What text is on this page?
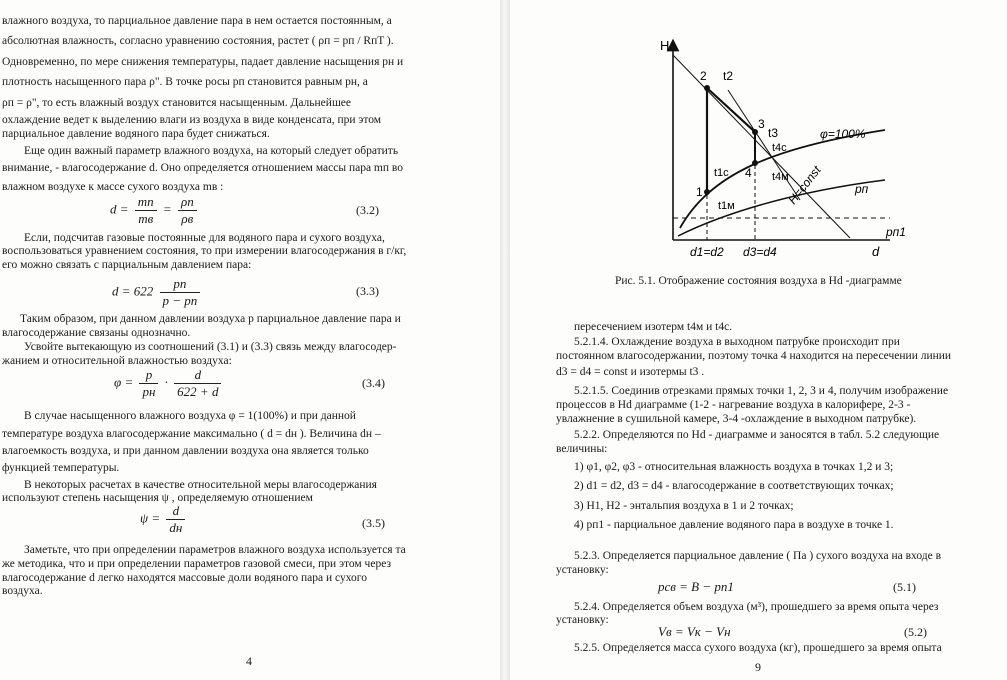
влажного воздуха, то парциальное давление пара в нем остается постоянным, а
абсолютная влажность, согласно уравнению состояния, растет ( ρп = pп / RпT ).
Одновременно, по мере снижения температуры, падает давление насыщения pн и
плотность насыщенного пара ρ". В точке росы pп становится равным pн, а
ρп = ρ", то есть влажный воздух становится насыщенным. Дальнейшее
охлаждение ведет к выделению влаги из воздуха в виде конденсата, при этом
парциальное давление водяного пара будет снижаться.
Еще один важный параметр влажного воздуха, на который следует обратить
внимание, - влагосодержание d. Оно определяется отношением массы пара mп во
влажном воздухе к массе сухого воздуха mв :
$d = \frac{mп}{mв} = \frac{\rho п}{\rho в}$	(3.2)
Если, подсчитав газовые постоянные для водяного пара и сухого воздуха,
воспользоваться уравнением состояния, то при измерении влагосодержания в г/кг,
его можно связать с парциальным давлением пара:
$d = 622 \frac{pп}{p - pп}$	(3.3)
Таким образом, при данном давлении воздуха p парциальное давление пара и
влагосодержание связаны однозначно.
Усвойте вытекающую из соотношений (3.1) и (3.3) связь между влагосодер-
жанием и относительной влажностью воздуха:
$\varphi = \frac{p}{pн} \cdot \frac{d}{622 + d}$	(3.4)
В случае насыщенного влажного воздуха φ = 1(100%) и при данной
температуре воздуха влагосодержание максимально ( d = dн ). Величина dн –
влагоемкость воздуха, и при данном давлении воздуха она является только
функцией температуры.
В некоторых расчетах в качестве относительной меры влагосодержания
используют степень насыщения ψ , определяемую отношением
$\psi = \frac{d}{dн}$	(3.5)
Заметьте, что при определении параметров влажного воздуха используется та
же методика, что и при определении параметров газовой смеси, при этом через
влагосодержание d легко находятся массовые доли водяного пара и сухого
воздуха.
4
H
d
1
2
3
4
t2
t3
t1c
t1м
t4c
t4м
φ=100%
H=const	pп
pп1
d1=d2 d3=d4
Рис. 5.1. Отображение состояния воздуха в Hd -диаграмме
пересечением изотерм t4м и t4с.
5.2.1.4. Охлаждение воздуха в выходном патрубке происходит при
постоянном влагосодержании, поэтому точка 4 находится на пересечении линии
d3 = d4 = const и изотермы t3 .
5.2.1.5. Соединив отрезками прямых точки 1, 2, 3 и 4, получим изображение
процессов в Hd диаграмме (1-2 - нагревание воздуха в калорифере, 2-3 -
увлажнение в сушильной камере, 3-4 -охлаждение в выходном патрубке).
5.2.2. Определяются по Hd - диаграмме и заносятся в табл. 5.2 следующие
величины:
1) φ1, φ2, φ3 - относительная влажность воздуха в точках 1,2 и 3;
2) d1 = d2, d3 = d4 - влагосодержание в соответствующих точках;
3) H1, H2 - энтальпия воздуха в 1 и 2 точках;
4) pп1 - парциальное давление водяного пара в воздухе в точке 1.
5.2.3. Определяется парциальное давление ( Па ) сухого воздуха на входе в
установку:
pсв = B − pп1	(5.1)
5.2.4. Определяется объем воздуха (м³), прошедшего за время опыта через
установку:
Vв = Vк − Vн	(5.2)
5.2.5. Определяется масса сухого воздуха (кг), прошедшего за время опыта
9
